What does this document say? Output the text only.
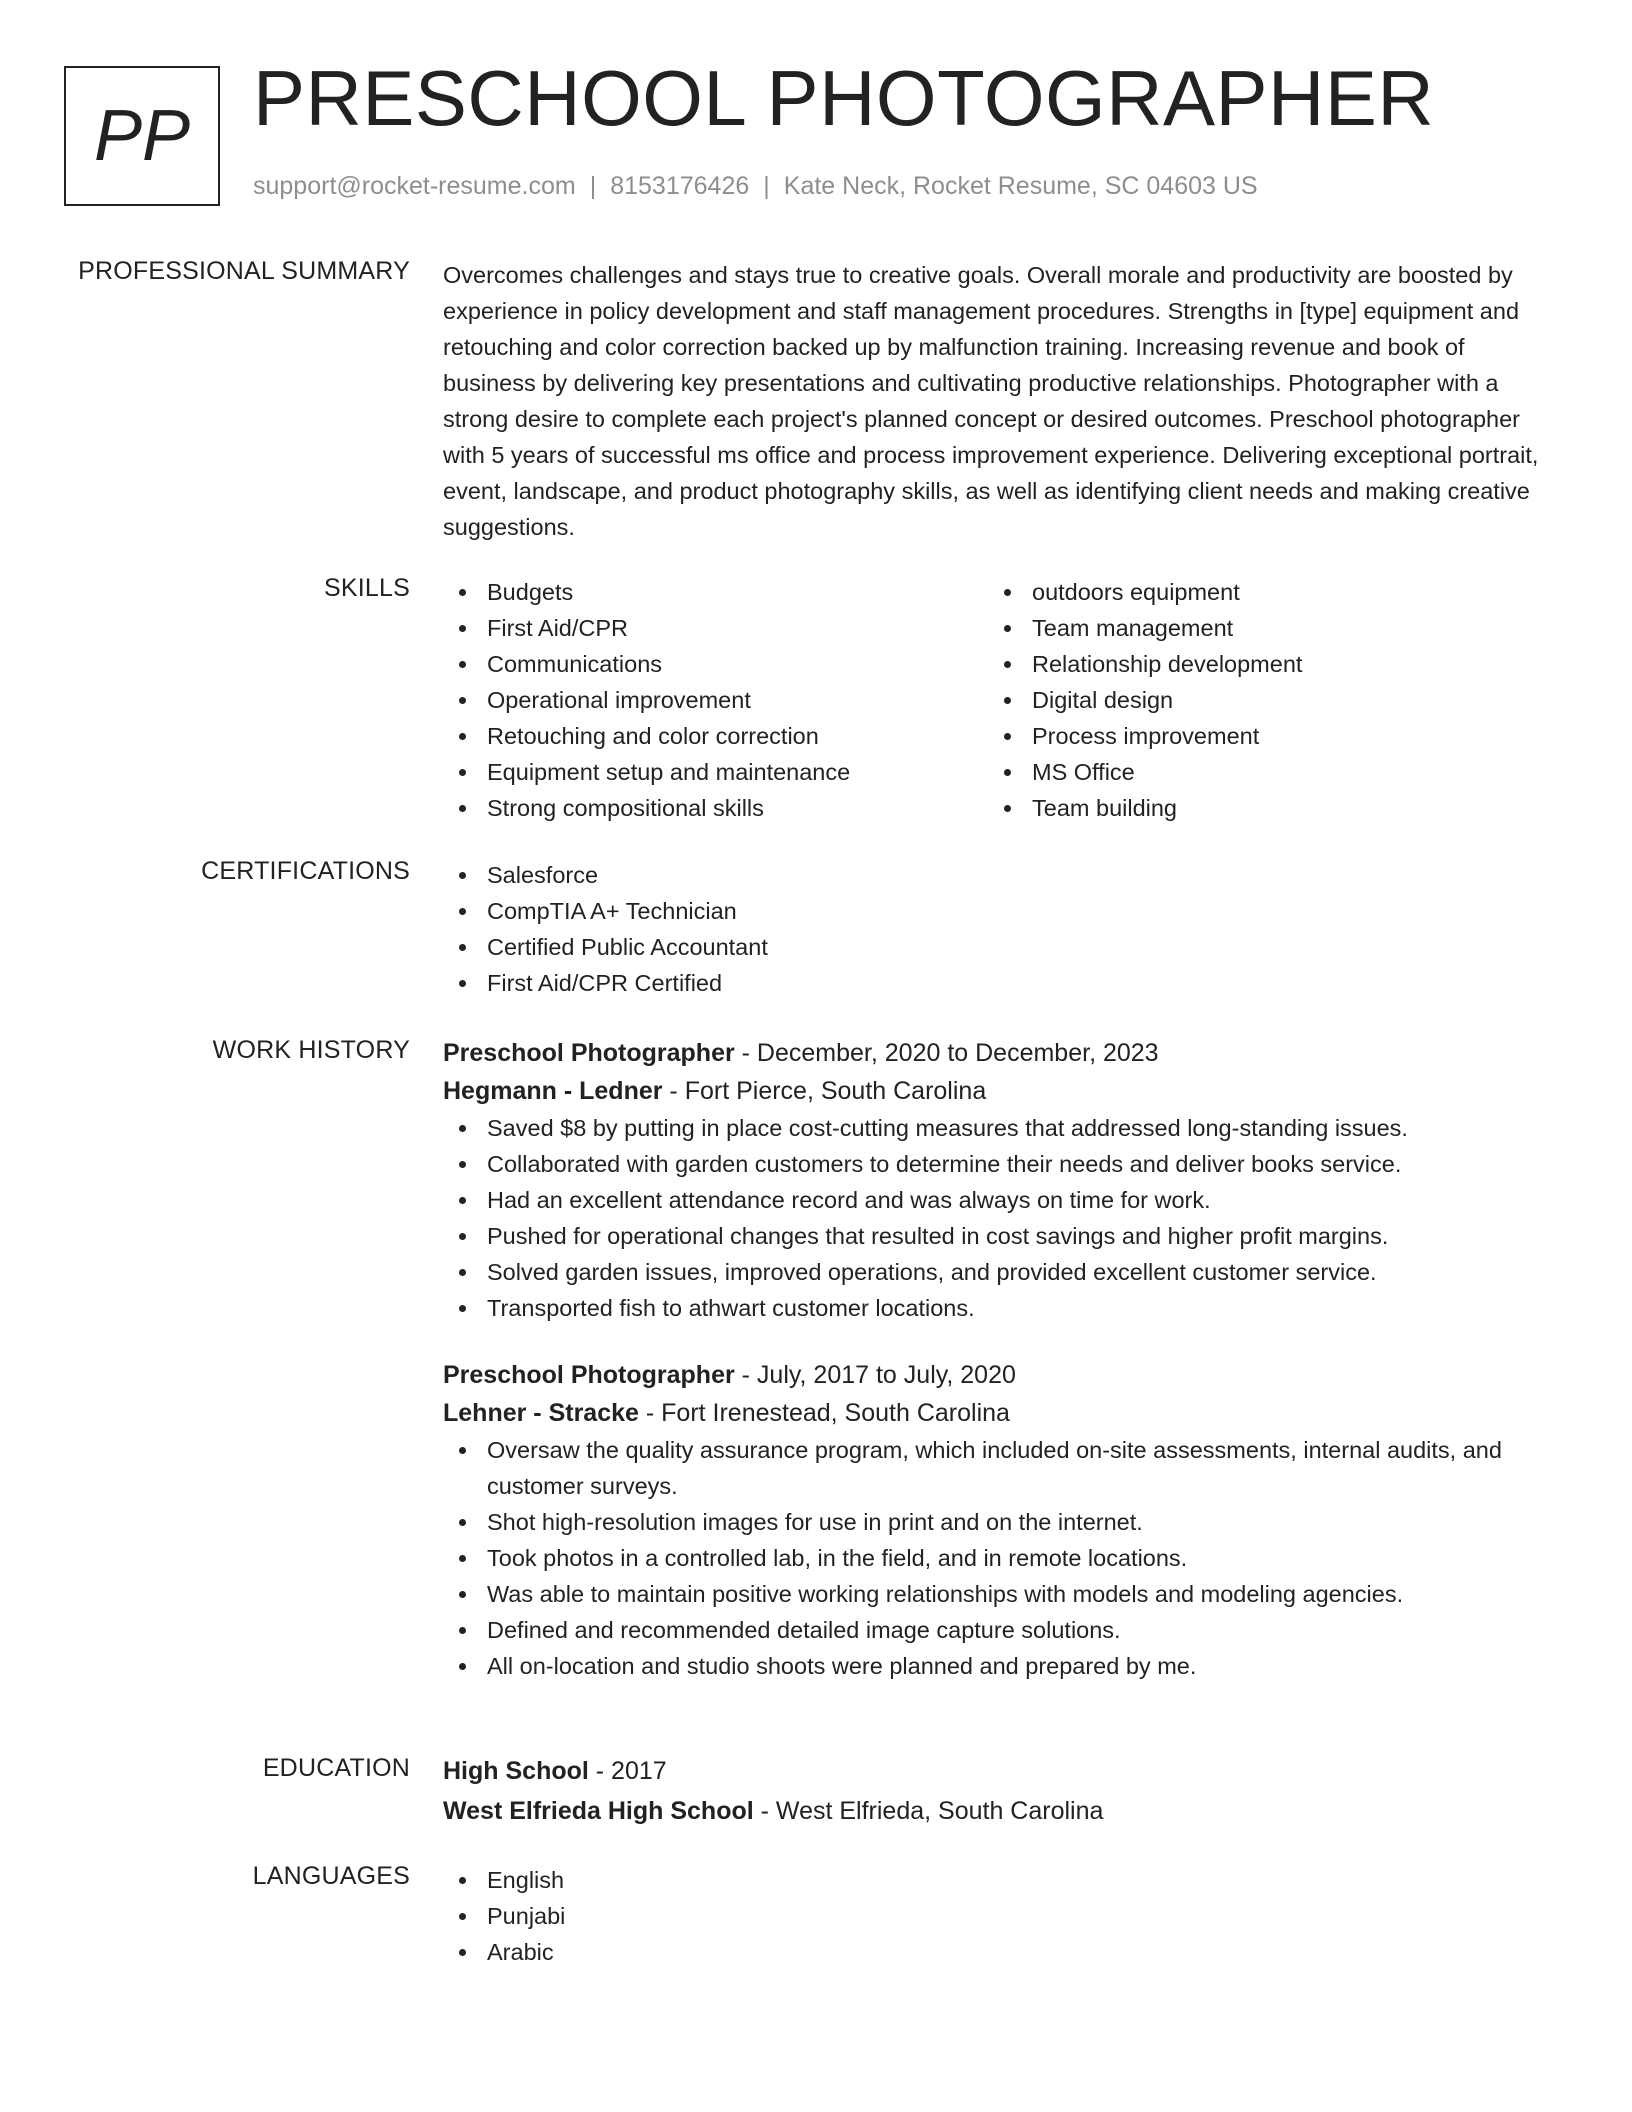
PP PRESCHOOL PHOTOGRAPHER
support@rocket-resume.com | 8153176426 | Kate Neck, Rocket Resume, SC 04603 US
PROFESSIONAL SUMMARY Overcomes challenges and stays true to creative goals. Overall morale and productivity are boosted by experience in policy development and staff management procedures. Strengths in [type] equipment and retouching and color correction backed up by malfunction training. Increasing revenue and book of business by delivering key presentations and cultivating productive relationships. Photographer with a strong desire to complete each project's planned concept or desired outcomes. Preschool photographer with 5 years of successful ms office and process improvement experience. Delivering exceptional portrait, event, landscape, and product photography skills, as well as identifying client needs and making creative suggestions.

SKILLS	Budgets
First Aid/CPR
Communications
Operational improvement
Retouching and color correction
Equipment setup and maintenance
Strong compositional skills
outdoors equipment
Team management
Relationship development
Digital design
Process improvement
MS Office
Team building
CERTIFICATIONS	Salesforce
CompTIA A+ Technician
Certified Public Accountant
First Aid/CPR Certified
WORK HISTORY Preschool Photographer - December, 2020 to December, 2023
Hegmann - Ledner - Fort Pierce, South Carolina
Saved $8 by putting in place cost-cutting measures that addressed long-standing issues.
Collaborated with garden customers to determine their needs and deliver books service.
Had an excellent attendance record and was always on time for work.
Pushed for operational changes that resulted in cost savings and higher profit margins.
Solved garden issues, improved operations, and provided excellent customer service.
Transported fish to athwart customer locations.
Preschool Photographer - July, 2017 to July, 2020
Lehner - Stracke - Fort Irenestead, South Carolina
Oversaw the quality assurance program, which included on-site assessments, internal audits, and customer surveys.
Shot high-resolution images for use in print and on the internet.
Took photos in a controlled lab, in the field, and in remote locations.
Was able to maintain positive working relationships with models and modeling agencies.
Defined and recommended detailed image capture solutions.
All on-location and studio shoots were planned and prepared by me.
EDUCATION High School - 2017
West Elfrieda High School - West Elfrieda, South Carolina
LANGUAGES	English
Punjabi
Arabic
